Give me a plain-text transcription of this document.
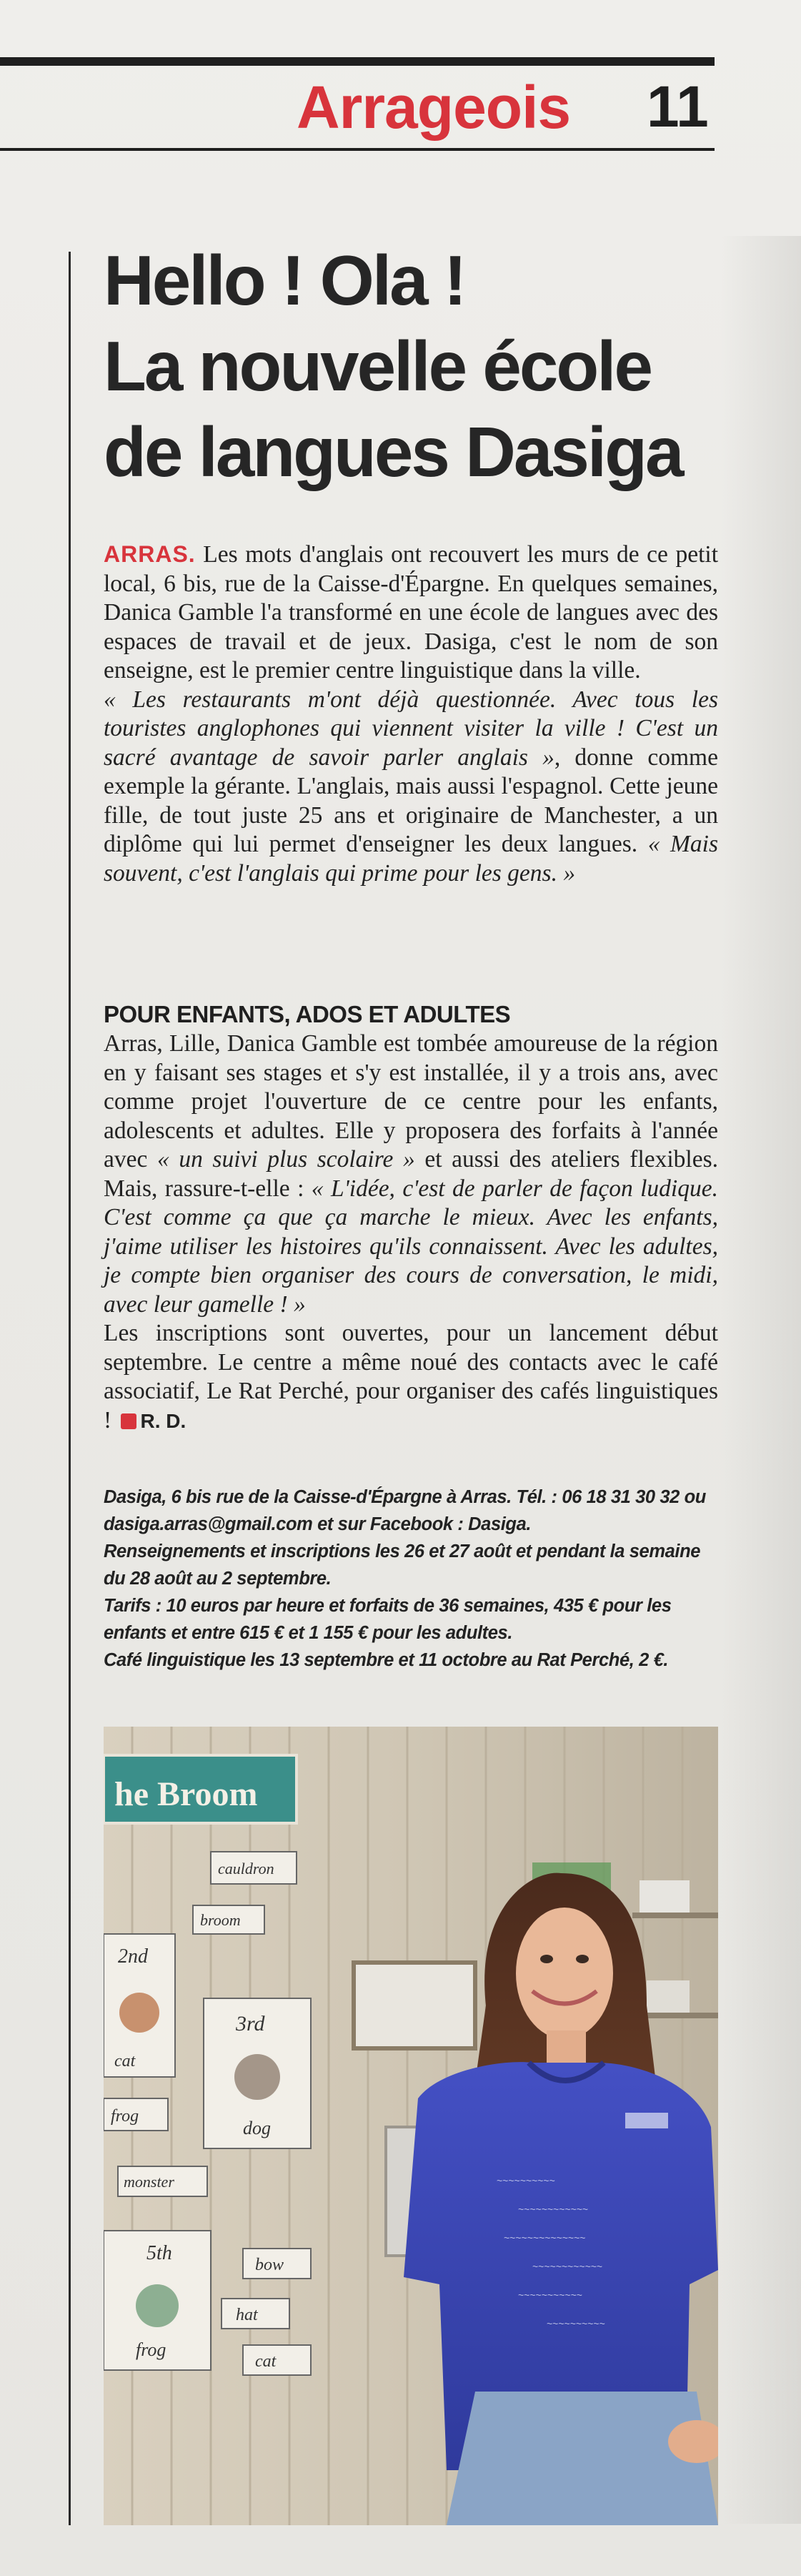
Arrageois 11
Hello ! Ola !
La nouvelle école
de langues Dasiga

ARRAS. Les mots d'anglais ont recouvert les murs de ce petit local, 6 bis, rue de la Caisse-d'Épargne. En quelques semaines, Danica Gamble l'a transformé en une école de langues avec des espaces de travail et de jeux. Dasiga, c'est le nom de son enseigne, est le premier centre linguistique dans la ville.

« Les restaurants m'ont déjà questionnée. Avec tous les touristes anglophones qui viennent visiter la ville ! C'est un sacré avantage de savoir parler anglais », donne comme exemple la gérante. L'anglais, mais aussi l'espagnol. Cette jeune fille, de tout juste 25 ans et originaire de Manchester, a un diplôme qui lui permet d'enseigner les deux langues. « Mais souvent, c'est l'anglais qui prime pour les gens. »

POUR ENFANTS, ADOS ET ADULTES

Arras, Lille, Danica Gamble est tombée amoureuse de la région en y faisant ses stages et s'y est installée, il y a trois ans, avec comme projet l'ouverture de ce centre pour les enfants, adolescents et adultes. Elle y proposera des forfaits à l'année avec « un suivi plus scolaire » et aussi des ateliers flexibles. Mais, rassure-t-elle : « L'idée, c'est de parler de façon ludique. C'est comme ça que ça marche le mieux. Avec les enfants, j'aime utiliser les histoires qu'ils connaissent. Avec les adultes, je compte bien organiser des cours de conversation, le midi, avec leur gamelle ! »

Les inscriptions sont ouvertes, pour un lancement début septembre. Le centre a même noué des contacts avec le café associatif, Le Rat Perché, pour organiser des cafés linguistiques ! R. D.

Dasiga, 6 bis rue de la Caisse-d'Épargne à Arras. Tél. : 06 18 31 30 32 ou dasiga.arras@gmail.com et sur Facebook : Dasiga.

Renseignements et inscriptions les 26 et 27 août et pendant la semaine du 28 août au 2 septembre.

Tarifs : 10 euros par heure et forfaits de 36 semaines, 435 € pour les enfants et entre 615 € et 1 155 € pour les adultes.

Café linguistique les 13 septembre et 11 octobre au Rat Perché, 2 €.

he Broom
cauldron
broom
2nd
cat
frog
3rd
dog
monster
5th
frog
bow
hat
cat
~~~~~~~~~~
~~~~~~~~~~~~
~~~~~~~~~~~~~~
~~~~~~~~~~~~
~~~~~~~~~~~
~~~~~~~~~~
